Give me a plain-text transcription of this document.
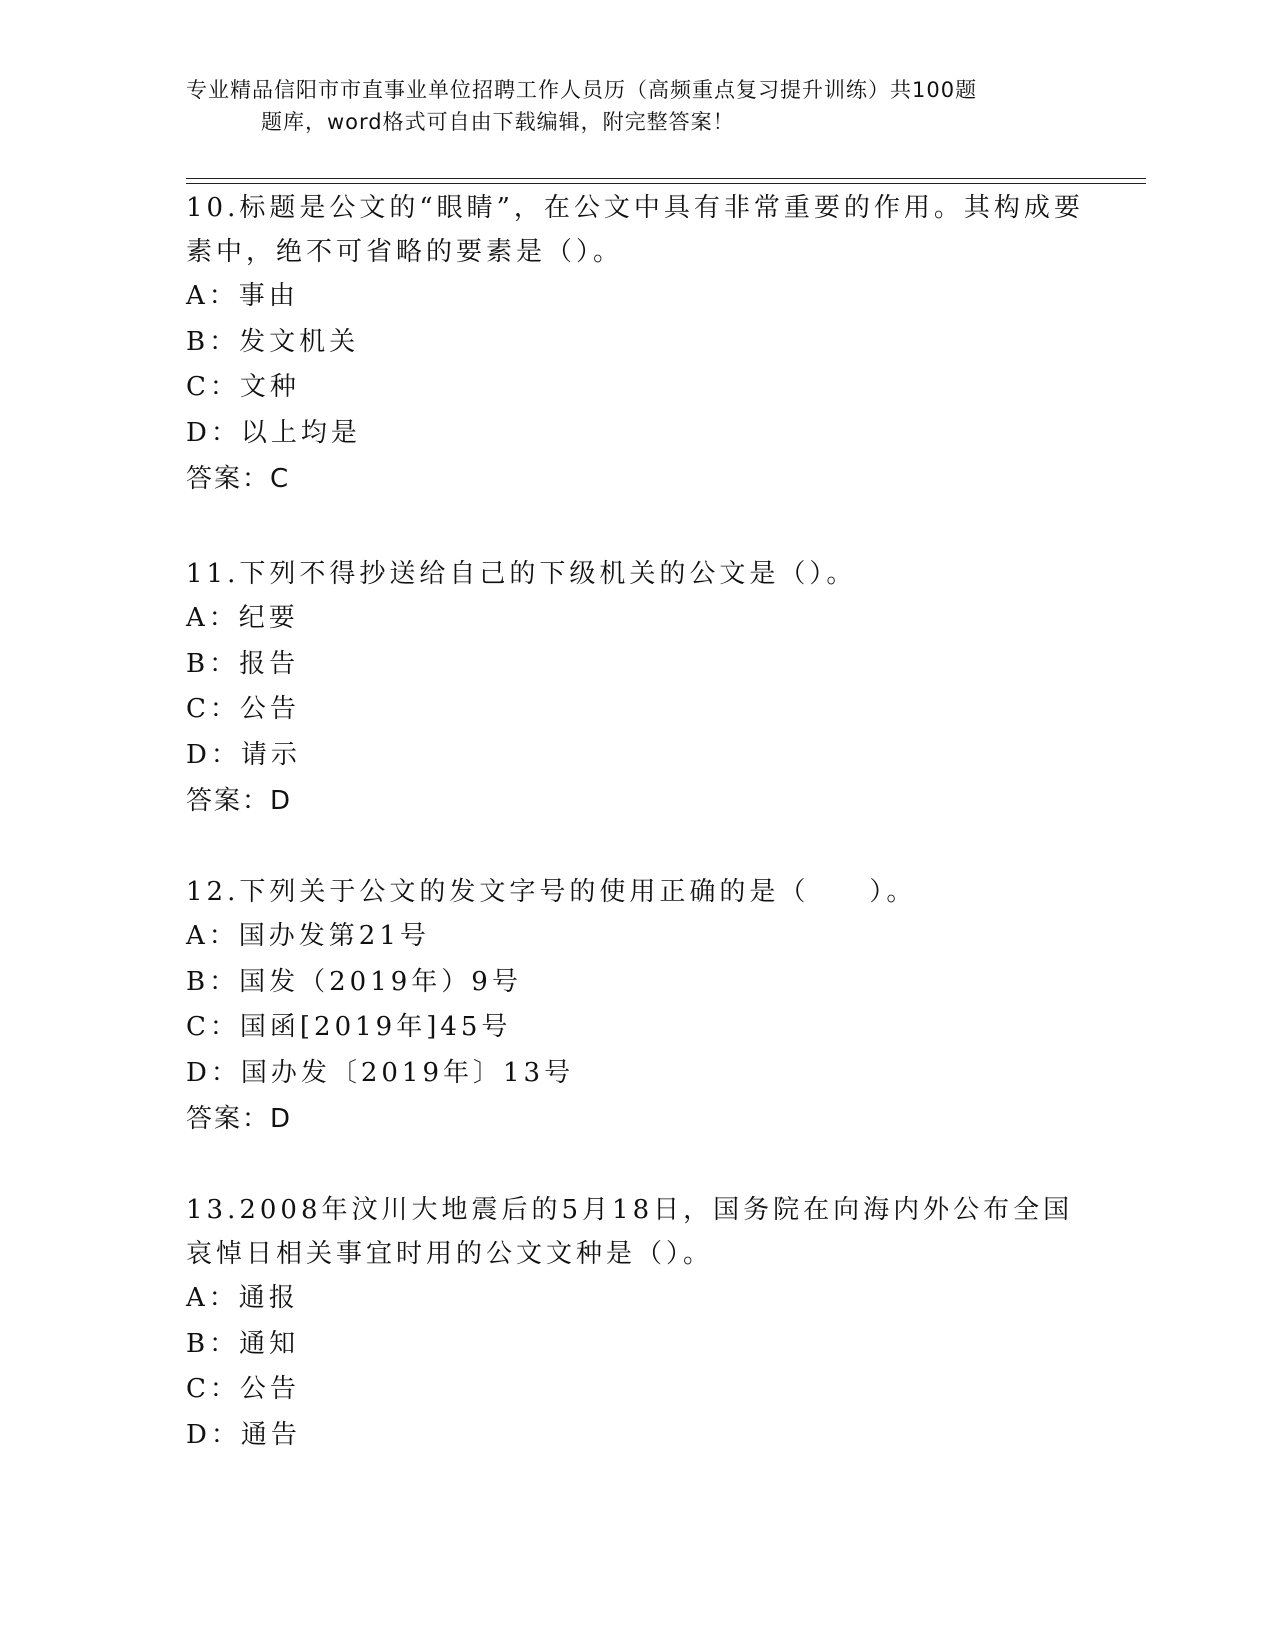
专业精品信阳市市直事业单位招聘工作人员历（高频重点复习提升训练）共100题
题库，word格式可自由下载编辑，附完整答案！
10.标题是公文的“眼睛”，在公文中具有非常重要的作用。其构成要素中，绝不可省略的要素是（）。
A：事由
B：发文机关
C：文种
D：以上均是
答案：C
11.下列不得抄送给自己的下级机关的公文是（）。
A：纪要
B：报告
C：公告
D：请示
答案：D
12.下列关于公文的发文字号的使用正确的是（　　）。
A：国办发第21号
B：国发（2019年）9号
C：国函[2019年]45号
D：国办发〔2019年〕13号
答案：D
13.2008年汶川大地震后的5月18日，国务院在向海内外公布全国哀悼日相关事宜时用的公文文种是（）。
A：通报
B：通知
C：公告
D：通告
